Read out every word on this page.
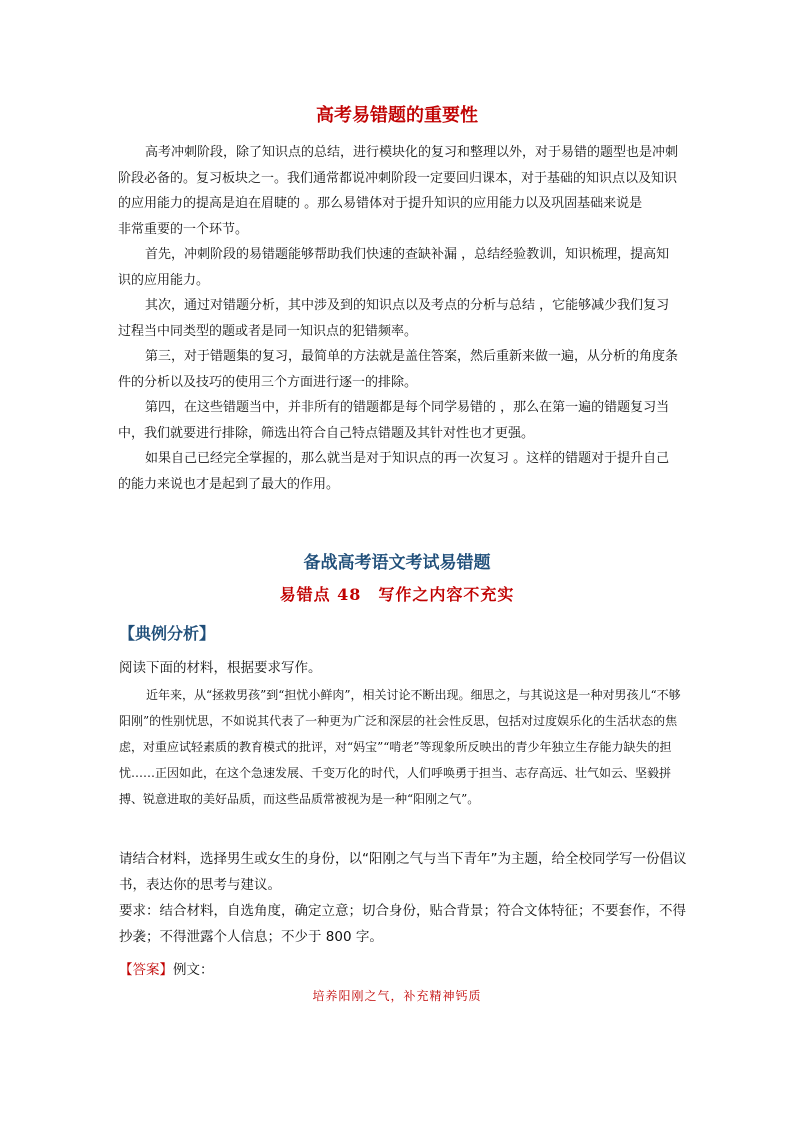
高考易错题的重要性

高考冲刺阶段，除了知识点的总结，进行模块化的复习和整理以外，对于易错的题型也是冲刺阶段必备的。复习板块之一。我们通常都说冲刺阶段一定要回归课本，对于基础的知识点以及知识的应用能力的提高是迫在眉睫的 。那么易错体对于提升知识的应用能力以及巩固基础来说是

非常重要的一个环节。

首先，冲刺阶段的易错题能够帮助我们快速的查缺补漏 ，总结经验教训，知识梳理，提高知识的应用能力。

其次，通过对错题分析，其中涉及到的知识点以及考点的分析与总结 ，它能够减少我们复习过程当中同类型的题或者是同一知识点的犯错频率。

第三，对于错题集的复习，最简单的方法就是盖住答案，然后重新来做一遍，从分析的角度条件的分析以及技巧的使用三个方面进行逐一的排除。

第四，在这些错题当中，并非所有的错题都是每个同学易错的 ，那么在第一遍的错题复习当中，我们就要进行排除，筛选出符合自己特点错题及其针对性也才更强。

如果自己已经完全掌握的，那么就当是对于知识点的再一次复习 。这样的错题对于提升自己的能力来说也才是起到了最大的作用。

备战高考语文考试易错题
易错点 48　写作之内容不充实
【典例分析】
阅读下面的材料，根据要求写作。

近年来，从“拯救男孩”到“担忧小鲜肉”，相关讨论不断出现。细思之，与其说这是一种对男孩儿“不够阳刚”的性别忧思，不如说其代表了一种更为广泛和深层的社会性反思，包括对过度娱乐化的生活状态的焦虑，对重应试轻素质的教育模式的批评，对“妈宝”“啃老”等现象所反映出的青少年独立生存能力缺失的担忧……正因如此，在这个急速发展、千变万化的时代，人们呼唤勇于担当、志存高远、壮气如云、坚毅拼搏、锐意进取的美好品质，而这些品质常被视为是一种“阳刚之气”。

请结合材料，选择男生或女生的身份，以“阳刚之气与当下青年”为主题，给全校同学写一份倡议书，表达你的思考与建议。

要求：结合材料，自选角度，确定立意；切合身份，贴合背景；符合文体特征；不要套作，不得抄袭；不得泄露个人信息；不少于 800 字。

【答案】例文：
培养阳刚之气，补充精神钙质
